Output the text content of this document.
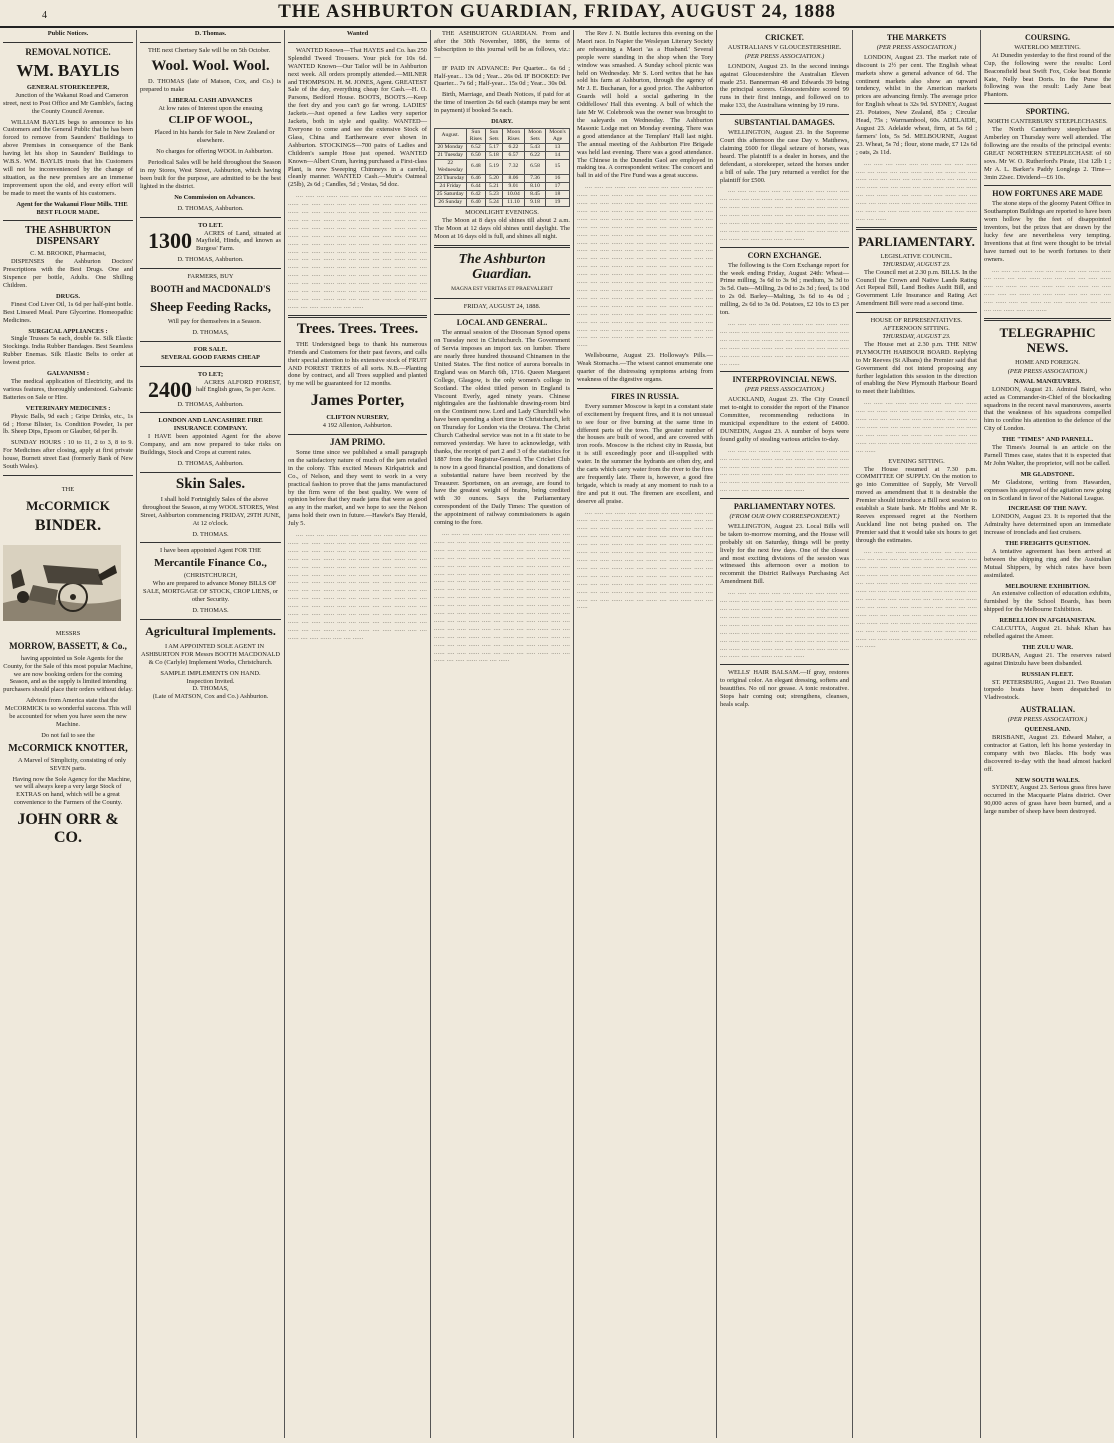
4	THE ASHBURTON GUARDIAN, FRIDAY, AUGUST 24, 1888
Public Notices.
REMOVAL NOTICE.
WM. BAYLIS
GENERAL STOREKEEPER,

Junction of the Wakanui Road and Cameron street, next to Post Office and Mr Gamble's, facing the County Council Avenue.

WILLIAM BAYLIS begs to announce to his Customers and the General Public that he has been forced to remove from Saunders' Buildings to above Premises in consequence of the Bank having let his shop in Saunders' Buildings to W.B.S. WM. BAYLIS trusts that his Customers will not be inconvenienced by the change of situation, as the new premises are an immense improvement upon the old, and every effort will be made to meet the wants of his customers.

Agent for the Wakanui Flour Mills. THE BEST FLOUR MADE.

THE ASHBURTON DISPENSARY
C. M. BROOKE, Pharmacist,

DISPENSES the Ashburton Doctors' Prescriptions with the Best Drugs. One and Sixpence per bottle, Adults. One Shilling Children.

DRUGS.

Finest Cod Liver Oil, 1s 6d per half-pint bottle. Best Linseed Meal. Pure Glycerine. Homeopathic Medicines.

SURGICAL APPLIANCES :

Single Trusses 5s each, double 6s. Silk Elastic Stockings. India Rubber Bandages. Best Seamless Rubber Enemas. Silk Elastic Belts to order at lowest price.

GALVANISM :

The medical application of Electricity, and its various features, thoroughly understood. Galvanic Batteries on Sale or Hire.

VETERINARY MEDICINES :

Physic Balls, 9d each ; Gripe Drinks, etc., 1s 6d ; Horse Blister, 1s. Condition Powder, 1s per lb. Sheep Dips, Epsom or Glauber, 6d per lb.

SUNDAY HOURS : 10 to 11, 2 to 3, 8 to 9. For Medicines after closing, apply at first private house, Burnett street East (formerly Bank of New South Wales).

THE
McCORMICK
BINDER.
MESSRS
MORROW, BASSETT, & Co.,

having appointed us Sole Agents for the County, for the Sale of this most popular Machine, we are now booking orders for the coming Season, and as the supply is limited intending purchasers should place their orders without delay.

Advices from America state that the McCORMICK is so wonderful success. This will be accounted for when you have seen the new Machine.

Do not fail to see the
McCORMICK KNOTTER,

A Marvel of Simplicity, consisting of only SEVEN parts.

Having now the Sole Agency for the Machine, we will always keep a very large Stock of EXTRAS on hand, which will be a great convenience to the Farmers of the County.

JOHN ORR & CO.
D. Thomas.

THE next Chertsey Sale will be on 5th October.

Wool. Wool. Wool.

D. THOMAS (late of Matson, Cox, and Co.) is prepared to make

LIBERAL CASH ADVANCES
At low rates of Interest upon the ensuing
CLIP OF WOOL,

Placed in his hands for Sale in New Zealand or elsewhere.

No charges for offering WOOL in Ashburton.

Periodical Sales will be held throughout the Season in my Stores, West Street, Ashburton, which having been built for the purpose, are admitted to be the best lighted in the district.

No Commission on Advances.

D. THOMAS, Ashburton.
TO LET.

1300 ACRES of Land, situated at Mayfield, Hinds, and known as Burgess' Farm.

D. THOMAS, Ashburton.
FARMERS, BUY
BOOTH and MACDONALD'S
Sheep Feeding Racks,

Will pay for themselves in a Season.

D. THOMAS,
FOR SALE.
SEVERAL GOOD FARMS CHEAP
TO LET;

2400 ACRES ALFORD FOREST, half English grass, 5s per Acre.

D. THOMAS, Ashburton.
LONDON AND LANCASHIRE FIRE INSURANCE COMPANY.

I HAVE been appointed Agent for the above Company, and am now prepared to take risks on Buildings, Stock and Crops at current rates.

D. THOMAS, Ashburton.
Skin Sales.

I shall hold Fortnightly Sales of the above throughout the Season, at my WOOL STORES, West Street, Ashburton commencing FRIDAY, 29TH JUNE, At 12 o'clock.

D. THOMAS.
I have been appointed Agent FOR THE
Mercantile Finance Co.,
(CHRISTCHURCH,

Who are prepared to advance Money BILLS OF SALE, MORTGAGE OF STOCK, CROP LIENS, or other Security.

D. THOMAS.
Agricultural Implements.

I AM APPOINTED SOLE AGENT IN ASHBURTON FOR Messrs BOOTH MACDONALD & Co (Carlyle) Implement Works, Christchurch.

SAMPLE IMPLEMENTS ON HAND.
Inspection Invited.
D. THOMAS,
(Late of MATSON, Cox and Co.) Ashburton.
Wanted

WANTED Known—That HAYES and Co. has 250 Splendid Tweed Trousers. Your pick for 10s 6d. WANTED Known—Our Tailor will be in Ashburton next week. All orders promptly attended.—MILNER and THOMPSON. H. M. JONES, Agent. GREATEST Sale of the day, everything cheap for Cash.—H. O. Parsons, Bedford House. BOOTS, BOOTS.—Keep the feet dry and you can't go far wrong. LADIES' Jackets.—Just opened a few Ladies very superior Jackets, both in style and quality. WANTED—Everyone to come and see the extensive Stock of Glass, China and Earthenware ever shown in Ashburton. STOCKINGS—700 pairs of Ladies and Children's sample Hose just opened. WANTED Known—Albert Crum, having purchased a First-class Plant, is now Sweeping Chimneys in a careful, cleanly manner. WANTED Cash.—Muir's Oatmeal (25lb), 2s 6d ; Candles, 5d ; Vestas, 5d doz.

.... ..... .... ...... ..... .... ...... .... ..... ...... ..... .... ...... .... ..... ...... ..... .... ...... .... ..... ...... ..... .... ...... .... ..... ...... ..... .... ...... .... ..... ...... ..... .... ...... .... ..... ...... ..... .... ...... .... ..... ...... ..... .... ...... .... ..... ...... ..... .... ...... .... ..... ...... ..... .... ...... .... ..... ...... ..... .... ...... .... ..... ...... ..... .... ...... .... ..... ...... ..... .... ...... .... ..... ...... ..... .... ...... .... ..... ...... ..... .... ...... .... ..... ...... ..... .... ...... .... ..... ...... ..... .... ...... .... ..... ...... ..... .... ...... .... ..... ...... ..... .... ...... .... ..... ...... ..... .... ...... .... ..... ...... ..... .... ...... .... ..... ...... ..... .... ...... .... ..... ...... ..... .... ...... .... ..... ...... ..... .... ...... .... ..... ...... ..... .... ...... .... ..... ...... ..... .... ...... .... ..... ...... ..... .... ...... .... ..... ...... ..... .... ...... .... ..... ...... ..... .... ......

Trees. Trees. Trees.

THE Undersigned begs to thank his numerous Friends and Customers for their past favors, and calls their special attention to his extensive stock of FRUIT AND FOREST TREES of all sorts. N.B.—Planting done by contract, and all Trees supplied and planted by me will be guaranteed for 12 months.

James Porter,
CLIFTON NURSERY,
4 192 Allenton, Ashburton.
JAM PRIMO.

Some time since we published a small paragraph on the satisfactory nature of much of the jam retailed in the colony. This excited Messrs Kirkpatrick and Co., of Nelson, and they went to work in a very practical fashion to prove that the jams manufactured by the firm were of the best quality. We were of opinion before that they made jams that were as good as any in the market, and we hope to see the Nelson jams hold their own in future.—Hawke's Bay Herald, July 5.

.... ..... .... ...... ..... .... ...... .... ..... ...... ..... .... ...... .... ..... ...... ..... .... ...... .... ..... ...... ..... .... ...... .... ..... ...... ..... .... ...... .... ..... ...... ..... .... ...... .... ..... ...... ..... .... ...... .... ..... ...... ..... .... ...... .... ..... ...... ..... .... ...... .... ..... ...... ..... .... ...... .... ..... ...... ..... .... ...... .... ..... ...... ..... .... ...... .... ..... ...... ..... .... ...... .... ..... ...... ..... .... ...... .... ..... ...... ..... .... ...... .... ..... ...... ..... .... ...... .... ..... ...... ..... .... ...... .... ..... ...... ..... .... ...... .... ..... ...... ..... .... ...... .... ..... ...... ..... .... ...... .... ..... ...... ..... .... ...... .... ..... ...... ..... .... ...... .... ..... ...... ..... .... ...... .... ..... ...... ..... .... ...... .... ..... ...... ..... .... ...... .... ..... ...... ..... .... ...... .... ..... ...... ..... .... ......

THE ASHBURTON GUARDIAN. From and after the 30th November, 1886, the terms of Subscription to this journal will be as follows, viz.:—

IF PAID IN ADVANCE: Per Quarter... 6s 6d ; Half-year... 13s 0d ; Year... 26s 0d. IF BOOKED: Per Quarter... 7s 6d ; Half-year... 15s 0d ; Year... 30s 0d.

Birth, Marriage, and Death Notices, if paid for at the time of insertion 2s 6d each (stamps may be sent in payment) if booked 5s each.

DIARY.
August.	Sun Rises	Sun Sets	Moon Rises	Moon Sets	Moon's Age
20 Monday	6.52	5.17	6.22	5.43	13
21 Tuesday	6.50	5.18	6.57	6.22	14
22 Wednesday	6.48	5.19	7.32	6.58	15
23 Thursday	6.46	5.20	8.06	7.36	16
24 Friday	6.44	5.21	9.01	8.10	17
25 Saturday	6.42	5.23	10.04	8.45	18
26 Sunday	6.40	5.24	11.10	9.18	19
MOONLIGHT EVENINGS.

The Moon at 8 days old shines till about 2 a.m. The Moon at 12 days old shines until daylight. The Moon at 16 days old is full, and shines all night.

The Ashburton Guardian.
MAGNA EST VERITAS ET PRAEVALEBIT
FRIDAY, AUGUST 24, 1888.
LOCAL AND GENERAL.

The annual session of the Diocesan Synod opens on Tuesday next in Christchurch. The Government of Servia imposes an import tax on lumber. There are nearly three hundred thousand Chinamen in the United States. The first notice of aurora borealis in England was on March 6th, 1716. Queen Margaret College, Glasgow, is the only women's college in Scotland. The oldest titled person in England is Viscount Everly, aged ninety years. Chinese nightingales are the fashionable drawing-room bird on the Continent now. Lord and Lady Churchill who have been spending a short time in Christchurch, left on Thursday for London via the Orotava. The Christ Church Cathedral service was not in a fit state to be removed yesterday. We have to acknowledge, with thanks, the receipt of part 2 and 3 of the statistics for 1887 from the Registrar-General. The Cricket Club is now in a good financial position, and donations of a substantial nature have been received by the Treasurer. Sportsmen, on an average, are found to have the greatest weight of brains, being credited with 30 ounces. Says the Parliamentary correspondent of the Daily Times: The question of the appointment of railway commissioners is again coming to the fore.

.... ..... .... ...... ..... .... ...... .... ..... ...... ..... .... ...... .... ..... ...... ..... .... ...... .... ..... ...... ..... .... ...... .... ..... ...... ..... .... ...... .... ..... ...... ..... .... ...... .... ..... ...... ..... .... ...... .... ..... ...... ..... .... ...... .... ..... ...... ..... .... ...... .... ..... ...... ..... .... ...... .... ..... ...... ..... .... ...... .... ..... ...... ..... .... ...... .... ..... ...... ..... .... ...... .... ..... ...... ..... .... ...... .... ..... ...... ..... .... ...... .... ..... ...... ..... .... ...... .... ..... ...... ..... .... ...... .... ..... ...... ..... .... ...... .... ..... ...... ..... .... ...... .... ..... ...... ..... .... ...... .... ..... ...... ..... .... ...... .... ..... ...... ..... .... ...... .... ..... ...... ..... .... ...... .... ..... ...... ..... .... ...... .... ..... ...... ..... .... ...... .... ..... ...... ..... .... ...... .... ..... ...... ..... .... ...... .... ..... ...... ..... .... ...... .... ..... ...... ..... .... ...... .... ..... ...... ..... .... ...... .... ..... ...... ..... .... ...... .... ..... ...... ..... .... ...... .... ..... ...... ..... .... ......

The Rev J. N. Buttle lectures this evening on the Maori race. In Napier the Wesleyan Literary Society are rehearsing a Maori 'as a Husband.' Several people were standing in the shop when the Tory window was smashed. A Sunday school picnic was held on Wednesday. Mr S. Lord writes that he has sold his farm at Ashburton, through the agency of Mr J. E. Buchanan, for a good price. The Ashburton Guards will hold a social gathering in the Oddfellows' Hall this evening. A bull of which the late Mr W. Colebrook was the owner was brought to the saleyards on Wednesday. The Ashburton Masonic Lodge met on Monday evening. There was a good attendance at the Templars' Hall last night. The annual meeting of the Ashburton Fire Brigade was held last evening. There was a good attendance. The Chinese in the Dunedin Gaol are employed in making tea. A correspondent writes: The concert and ball in aid of the Fire Fund was a great success.

.... ..... .... ...... ..... .... ...... .... ..... ...... ..... .... ...... .... ..... ...... ..... .... ...... .... ..... ...... ..... .... ...... .... ..... ...... ..... .... ...... .... ..... ...... ..... .... ...... .... ..... ...... ..... .... ...... .... ..... ...... ..... .... ...... .... ..... ...... ..... .... ...... .... ..... ...... ..... .... ...... .... ..... ...... ..... .... ...... .... ..... ...... ..... .... ...... .... ..... ...... ..... .... ...... .... ..... ...... ..... .... ...... .... ..... ...... ..... .... ...... .... ..... ...... ..... .... ...... .... ..... ...... ..... .... ...... .... ..... ...... ..... .... ...... .... ..... ...... ..... .... ...... .... ..... ...... ..... .... ...... .... ..... ...... ..... .... ...... .... ..... ...... ..... .... ...... .... ..... ...... ..... .... ...... .... ..... ...... ..... .... ...... .... ..... ...... ..... .... ...... .... ..... ...... ..... .... ...... .... ..... ...... ..... .... ...... .... ..... ...... ..... .... ...... .... ..... ...... ..... .... ...... .... ..... ...... ..... .... ...... .... ..... ...... ..... .... ...... .... ..... ...... ..... .... ...... .... ..... ...... ..... .... ...... .... ..... ...... ..... .... ...... .... ..... ...... ..... .... ...... .... ..... ...... ..... .... ...... .... ..... ...... ..... .... ...... .... ..... ...... ..... .... ...... .... ..... ...... ..... .... ...... .... ..... ...... ..... .... ......

Wellsbourne, August 23. Holloway's Pills.—Weak Stomachs.—The wisest cannot enumerate one quarter of the distressing symptoms arising from weakness of the digestive organs.

FIRES IN RUSSIA.

Every summer Moscow is kept in a constant state of excitement by frequent fires, and it is not unusual to see four or five burning at the same time in different parts of the town. The greater number of the houses are built of wood, and are covered with iron roofs. Moscow is the richest city in Russia, but it is still exceedingly poor and ill-supplied with water. In the summer the hydrants are often dry, and the carts which carry water from the river to the fires are frequently late. There is, however, a good fire brigade, which is ready at any moment to rush to a fire and put it out. The firemen are excellent, and deserve all praise.

.... ..... .... ...... ..... .... ...... .... ..... ...... ..... .... ...... .... ..... ...... ..... .... ...... .... ..... ...... ..... .... ...... .... ..... ...... ..... .... ...... .... ..... ...... ..... .... ...... .... ..... ...... ..... .... ...... .... ..... ...... ..... .... ...... .... ..... ...... ..... .... ...... .... ..... ...... ..... .... ...... .... ..... ...... ..... .... ...... .... ..... ...... ..... .... ...... .... ..... ...... ..... .... ...... .... ..... ...... ..... .... ...... .... ..... ...... ..... .... ...... .... ..... ...... ..... .... ...... .... ..... ...... ..... .... ...... .... ..... ...... ..... .... ...... .... ..... ...... ..... .... ...... .... ..... ...... ..... .... ...... .... ..... ...... ..... .... ...... .... ..... ...... ..... .... ...... .... ..... ...... ..... .... ...... .... ..... ...... ..... .... ......

CRICKET.
AUSTRALIANS V GLOUCESTERSHIRE.
(PER PRESS ASSOCIATION.)

LONDON, August 23. In the second innings against Gloucestershire the Australian Eleven made 251. Bannerman 48 and Edwards 39 being the principal scorers. Gloucestershire scored 99 runs in their first innings, and followed on to make 133, the Australians winning by 19 runs.

SUBSTANTIAL DAMAGES.

WELLINGTON, August 23. In the Supreme Court this afternoon the case Day v. Matthews, claiming £600 for illegal seizure of horses, was heard. The plaintiff is a dealer in horses, and the defendant, a storekeeper, seized the horses under a bill of sale. The jury returned a verdict for the plaintiff for £500.

.... ..... .... ...... ..... .... ...... .... ..... ...... ..... .... ...... .... ..... ...... ..... .... ...... .... ..... ...... ..... .... ...... .... ..... ...... ..... .... ...... .... ..... ...... ..... .... ...... .... ..... ...... ..... .... ...... .... ..... ...... ..... .... ...... .... ..... ...... ..... .... ...... .... ..... ...... ..... .... ...... .... ..... ...... ..... .... ...... .... ..... ...... ..... .... ...... .... ..... ...... ..... .... ......

CORN EXCHANGE.

The following is the Corn Exchange report for the week ending Friday, August 24th: Wheat—Prime milling, 3s 6d to 3s 9d ; medium, 3s 3d to 3s 5d. Oats—Milling, 2s 0d to 2s 3d ; feed, 1s 10d to 2s 0d. Barley—Malting, 3s 6d to 4s 0d ; milling, 2s 6d to 3s 0d. Potatoes, £2 10s to £3 per ton.

.... ..... .... ...... ..... .... ...... .... ..... ...... ..... .... ...... .... ..... ...... ..... .... ...... .... ..... ...... ..... .... ...... .... ..... ...... ..... .... ...... .... ..... ...... ..... .... ...... .... ..... ...... ..... .... ...... .... ..... ...... ..... .... ...... .... ..... ...... ..... .... ...... .... ..... ...... ..... .... ......

INTERPROVINCIAL NEWS.
(PER PRESS ASSOCIATION.)

AUCKLAND, August 23. The City Council met to-night to consider the report of the Finance Committee, recommending reductions in municipal expenditure to the extent of £4000. DUNEDIN, August 23. A number of boys were found guilty of stealing various articles to-day.

.... ..... .... ...... ..... .... ...... .... ..... ...... ..... .... ...... .... ..... ...... ..... .... ...... .... ..... ...... ..... .... ...... .... ..... ...... ..... .... ...... .... ..... ...... ..... .... ...... .... ..... ...... ..... .... ...... .... ..... ...... ..... .... ...... .... ..... ...... ..... .... ...... .... ..... ...... ..... .... ...... .... ..... ...... ..... .... ......

PARLIAMENTARY NOTES.
(FROM OUR OWN CORRESPONDENT.)

WELLINGTON, August 23. Local Bills will be taken to-morrow morning, and the House will probably sit on Saturday, things will be pretty lively for the next few days. One of the closest and most exciting divisions of the session was witnessed this afternoon over a motion to recommit the District Railways Purchasing Act Amendment Bill.

.... ..... .... ...... ..... .... ...... .... ..... ...... ..... .... ...... .... ..... ...... ..... .... ...... .... ..... ...... ..... .... ...... .... ..... ...... ..... .... ...... .... ..... ...... ..... .... ...... .... ..... ...... ..... .... ...... .... ..... ...... ..... .... ...... .... ..... ...... ..... .... ...... .... ..... ...... ..... .... ...... .... ..... ...... ..... .... ...... .... ..... ...... ..... .... ...... .... ..... ...... ..... .... ...... .... ..... ...... ..... .... ...... .... ..... ...... ..... .... ...... .... ..... ...... ..... .... ...... .... ..... ...... ..... .... ......

WELLS' HAIR BALSAM.—If gray, restores to original color. An elegant dressing, softens and beautifies. No oil nor grease. A tonic restorative. Stops hair coming out; strengthens, cleanses, heals scalp.

THE MARKETS
(PER PRESS ASSOCIATION.)

LONDON, August 23. The market rate of discount is 2½ per cent. The English wheat markets show a general advance of 6d. The continent markets also show an upward tendency, whilst in the American markets prices are advancing firmly. The average price for English wheat is 32s 9d. SYDNEY, August 23. Potatoes, New Zealand, 85s ; Circular Head, 75s ; Warrnambool, 60s. ADELAIDE, August 23. Adelaide wheat, firm, at 5s 6d ; farmers' lots, 5s 5d. MELBOURNE, August 23. Wheat, 5s 7d ; flour, stone made, £7 12s 6d ; oats, 2s 11d.

.... ..... .... ...... ..... .... ...... .... ..... ...... ..... .... ...... .... ..... ...... ..... .... ...... .... ..... ...... ..... .... ...... .... ..... ...... ..... .... ...... .... ..... ...... ..... .... ...... .... ..... ...... ..... .... ...... .... ..... ...... ..... .... ...... .... ..... ...... ..... .... ...... .... ..... ...... ..... .... ...... .... ..... ...... ..... .... ...... .... ..... ...... ..... .... ...... .... ..... ...... ..... .... ......

PARLIAMENTARY.
LEGISLATIVE COUNCIL.
THURSDAY, AUGUST 23.

The Council met at 2.30 p.m. BILLS. In the Council the Crown and Native Lands Rating Act Repeal Bill, Land Bodies Audit Bill, and Government Life Insurance and Rating Act Amendment Bill were read a second time.

HOUSE OF REPRESENTATIVES.
AFTERNOON SITTING.
THURSDAY, AUGUST 23.

The House met at 2.30 p.m. THE NEW PLYMOUTH HARBOUR BOARD. Replying to Mr Reeves (St Albans) the Premier said that Government did not intend proposing any further legislation this session in the direction of enabling the New Plymouth Harbour Board to meet their liabilities.

.... ..... .... ...... ..... .... ...... .... ..... ...... ..... .... ...... .... ..... ...... ..... .... ...... .... ..... ...... ..... .... ...... .... ..... ...... ..... .... ...... .... ..... ...... ..... .... ...... .... ..... ...... ..... .... ...... .... ..... ...... ..... .... ...... .... ..... ...... ..... .... ...... .... ..... ...... ..... .... ...... .... ..... ...... ..... .... ......

EVENING SITTING.

The House resumed at 7.30 p.m. COMMITTEE OF SUPPLY. On the motion to go into Committee of Supply, Mr Vervoll moved as amendment that it is desirable the Premier should introduce a Bill next session to establish a State bank. Mr Hobbs and Mr R. Reeves expressed regret at the Northern Auckland line not being pushed on. The Premier said that it would take six hours to get through the estimates.

.... ..... .... ...... ..... .... ...... .... ..... ...... ..... .... ...... .... ..... ...... ..... .... ...... .... ..... ...... ..... .... ...... .... ..... ...... ..... .... ...... .... ..... ...... ..... .... ...... .... ..... ...... ..... .... ...... .... ..... ...... ..... .... ...... .... ..... ...... ..... .... ...... .... ..... ...... ..... .... ...... .... ..... ...... ..... .... ...... .... ..... ...... ..... .... ...... .... ..... ...... ..... .... ...... .... ..... ...... ..... .... ...... .... ..... ...... ..... .... ...... .... ..... ...... ..... .... ...... .... ..... ...... ..... .... ...... .... ..... ...... ..... .... ...... .... ..... ...... ..... .... ...... .... ..... ...... ..... .... ...... .... ..... ...... ..... .... ...... .... ..... ...... ..... .... ......

COURSING.
WATERLOO MEETING.

At Dunedin yesterday to the first round of the Cup, the following were the results: Lord Beaconsfield beat Swift Fox, Coke beat Bonnie Kate, Nelly beat Doris. In the Purse the following was the result: Lady Jane beat Phantom.

SPORTING.
NORTH CANTERBURY STEEPLECHASES.

The North Canterbury steeplechase at Amberley on Thursday were well attended. The following are the results of the principal events: GREAT NORTHERN STEEPLECHASE of 60 sovs. Mr W. O. Rutherford's Pirate, 11st 12lb 1 ; Mr A. L. Barker's Paddy Longlegs 2. Time—3min 22sec. Dividend—£6 10s.

HOW FORTUNES ARE MADE

The stone steps of the gloomy Patent Office in Southampton Buildings are reported to have been worn hollow by the feet of disappointed inventors, but the prizes that are drawn by the lucky few are nevertheless very tempting. Inventions that at first were thought to be trivial have turned out to be worth fortunes to their owners.

.... ..... .... ...... ..... .... ...... .... ..... ...... ..... .... ...... .... ..... ...... ..... .... ...... .... ..... ...... ..... .... ...... .... ..... ...... ..... .... ...... .... ..... ...... ..... .... ...... .... ..... ...... ..... .... ...... .... ..... ...... ..... .... ...... .... ..... ...... ..... .... ...... .... ..... ...... ..... .... ......

TELEGRAPHIC NEWS.
HOME AND FOREIGN.
(PER PRESS ASSOCIATION.)
NAVAL MANŒUVRES.

LONDON, August 21. Admiral Baird, who acted as Commander-in-Chief of the blockading squadrons in the recent naval manœuvres, asserts that the weakness of his squadrons compelled him to confine his attention to the defence of the City of London.

THE "TIMES" AND PARNELL.

The Times's Journal is an article on the Parnell Times case, states that it is expected that Mr John Walter, the proprietor, will not be called.

MR GLADSTONE.

Mr Gladstone, writing from Hawarden, expresses his approval of the agitation now going on in Scotland in favor of the National League.

INCREASE OF THE NAVY.

LONDON, August 23. It is reported that the Admiralty have determined upon an immediate increase of ironclads and fast cruisers.

THE FREIGHTS QUESTION.

A tentative agreement has been arrived at between the shipping ring and the Australian Mutual Shippers, by which rates have been assimilated.

MELBOURNE EXHIBITION.

An extensive collection of education exhibits, furnished by the School Boards, has been shipped for the Melbourne Exhibition.

REBELLION IN AFGHANISTAN.

CALCUTTA, August 21. Ishak Khan has rebelled against the Ameer.

THE ZULU WAR.

DURBAN, August 21. The reserves raised against Dinizulu have been disbanded.

RUSSIAN FLEET.

ST. PETERSBURG, August 21. Two Russian torpedo boats have been despatched to Vladivostock.

AUSTRALIAN.
(PER PRESS ASSOCIATION.)
QUEENSLAND.

BRISBANE, August 23. Edward Maher, a contractor at Gatton, left his home yesterday in company with two Blacks. His body was discovered to-day with the head almost hacked off.

NEW SOUTH WALES.

SYDNEY, August 23. Serious grass fires have occurred in the Macquarie Plains district. Over 90,000 acres of grass have been burned, and a large number of sheep have been destroyed.
